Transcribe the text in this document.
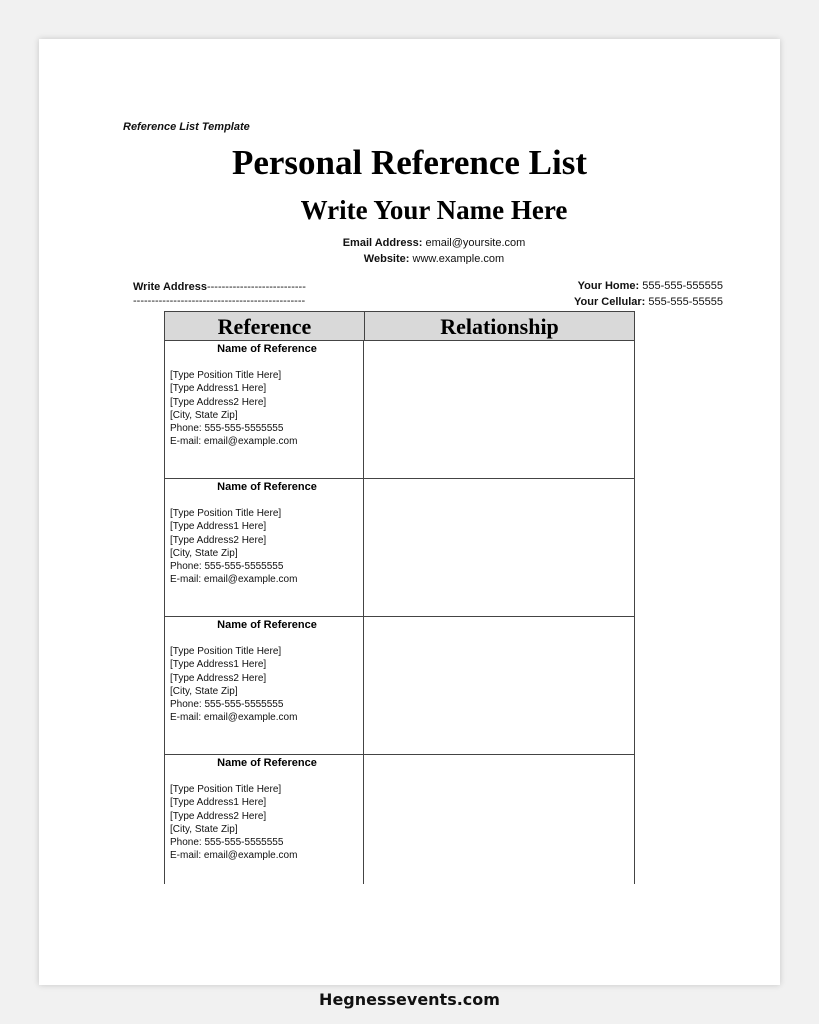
Reference List Template
Personal Reference List
Write Your Name Here
Email Address: email@yoursite.com
Website: www.example.com
Write Address---------------------------
-----------------------------------------------
Your Home: 555-555-555555
Your Cellular: 555-555-55555
Reference	Relationship
Name of Reference
[Type Position Title Here]
[Type Address1 Here]
[Type Address2 Here]
[City, State Zip]
Phone: 555-555-5555555
E-mail: email@example.com
Name of Reference
[Type Position Title Here]
[Type Address1 Here]
[Type Address2 Here]
[City, State Zip]
Phone: 555-555-5555555
E-mail: email@example.com
Name of Reference
[Type Position Title Here]
[Type Address1 Here]
[Type Address2 Here]
[City, State Zip]
Phone: 555-555-5555555
E-mail: email@example.com
Name of Reference
[Type Position Title Here]
[Type Address1 Here]
[Type Address2 Here]
[City, State Zip]
Phone: 555-555-5555555
E-mail: email@example.com
Hegnessevents.com
